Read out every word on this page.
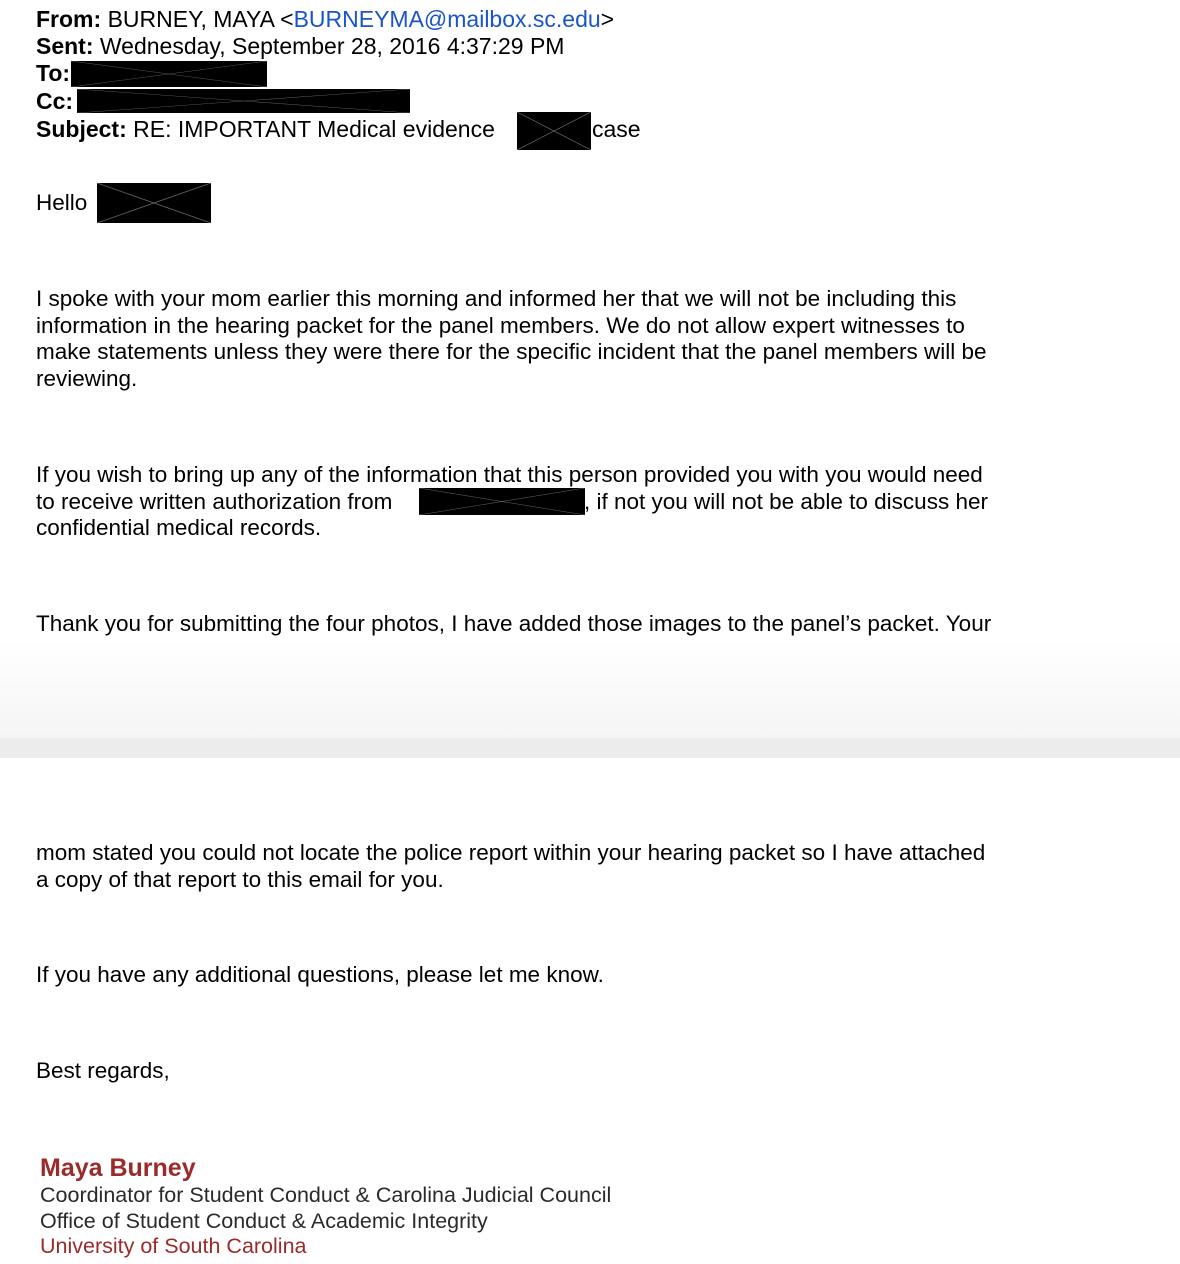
From: BURNEY, MAYA <BURNEYMA@mailbox.sc.edu>
Sent: Wednesday, September 28, 2016 4:37:29 PM
To:
Cc:
Subject: RE: IMPORTANT Medical evidence	case
Hello
I spoke with your mom earlier this morning and informed her that we will not be including this
information in the hearing packet for the panel members. We do not allow expert witnesses to
make statements unless they were there for the specific incident that the panel members will be
reviewing.
If you wish to bring up any of the information that this person provided you with you would need
to receive written authorization from	, if not you will not be able to discuss her
confidential medical records.
Thank you for submitting the four photos, I have added those images to the panel’s packet. Your
mom stated you could not locate the police report within your hearing packet so I have attached
a copy of that report to this email for you.
If you have any additional questions, please let me know.
Best regards,
Maya Burney
Coordinator for Student Conduct & Carolina Judicial Council
Office of Student Conduct & Academic Integrity
University of South Carolina
